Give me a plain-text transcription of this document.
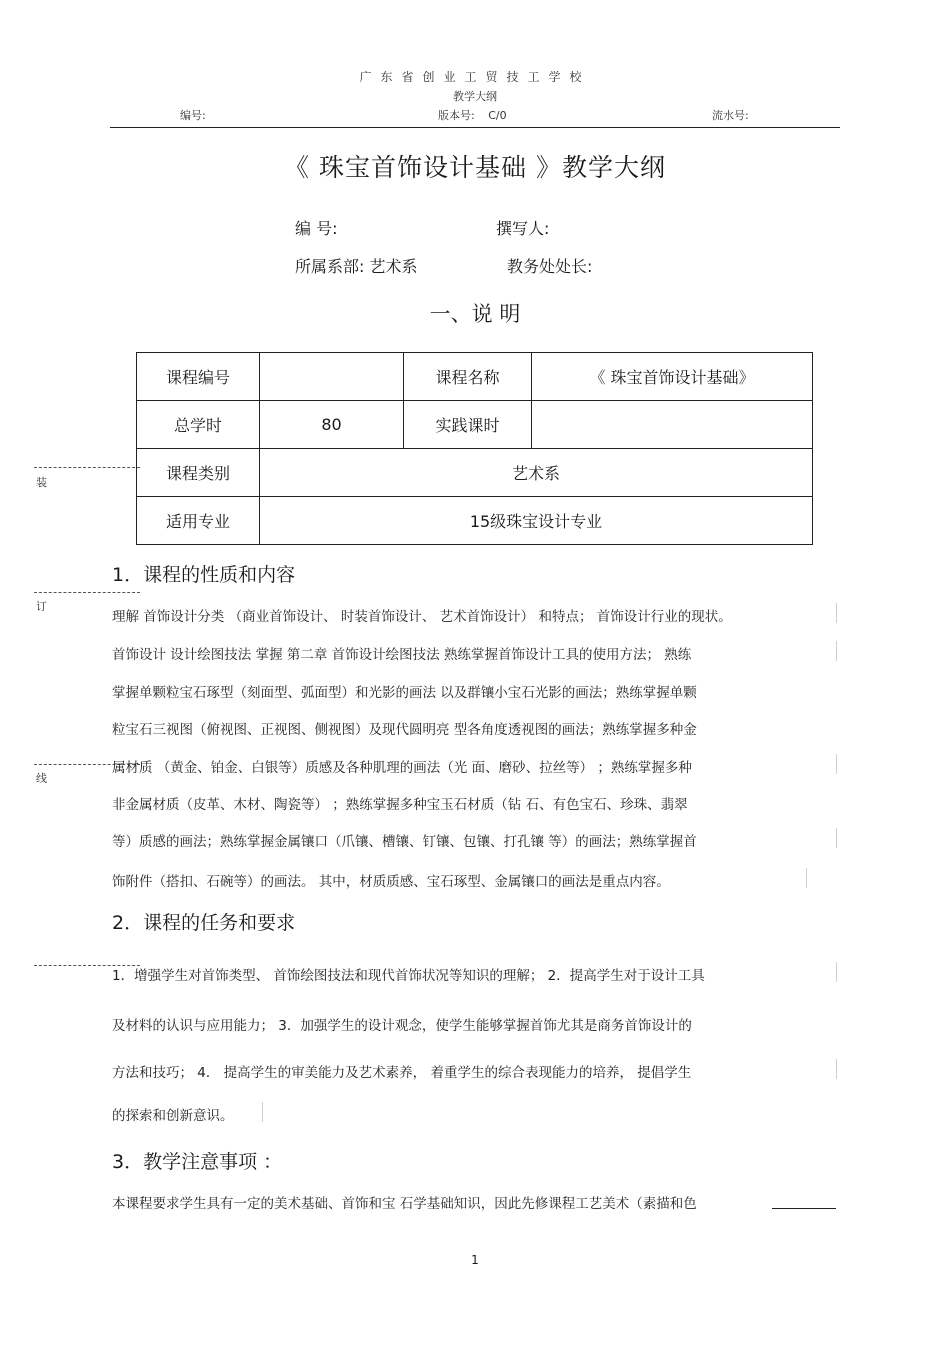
广东省创业工贸技工学校
教学大纲
编号:	版本号: C/0	流水号:
《 珠宝首饰设计基础 》教学大纲
编 号:	撰写人:
所属系部: 艺术系	教务处处长:
一、说 明
课程编号		课程名称	《 珠宝首饰设计基础》
总学时	80	实践课时	
课程类别	艺术系		
适用专业	15级珠宝设计专业		
装
订
线
1．课程的性质和内容
理解 首饰设计分类 （商业首饰设计、 时装首饰设计、 艺术首饰设计） 和特点； 首饰设计行业的现状。
首饰设计 设计绘图技法 掌握 第二章 首饰设计绘图技法 熟练掌握首饰设计工具的使用方法； 熟练
掌握单颗粒宝石琢型（刻面型、弧面型）和光影的画法 以及群镶小宝石光影的画法；熟练掌握单颗
粒宝石三视图（俯视图、正视图、侧视图）及现代圆明亮 型各角度透视图的画法；熟练掌握多种金
属材质 （黄金、铂金、白银等）质感及各种肌理的画法（光 面、磨砂、拉丝等） ；熟练掌握多种
非金属材质（皮革、木材、陶瓷等） ；熟练掌握多种宝玉石材质（钻 石、有色宝石、珍珠、翡翠
等）质感的画法；熟练掌握金属镶口（爪镶、槽镶、钉镶、包镶、打孔镶 等）的画法；熟练掌握首
饰附件（搭扣、石碗等）的画法。 其中，材质质感、宝石琢型、金属镶口的画法是重点内容。
2．课程的任务和要求
1．增强学生对首饰类型、 首饰绘图技法和现代首饰状况等知识的理解； 2．提高学生对于设计工具
及材料的认识与应用能力； 3．加强学生的设计观念，使学生能够掌握首饰尤其是商务首饰设计的
方法和技巧； 4． 提高学生的审美能力及艺术素养， 着重学生的综合表现能力的培养， 提倡学生
的探索和创新意识。
3．教学注意事项 ：
本课程要求学生具有一定的美术基础、首饰和宝 石学基础知识，因此先修课程工艺美术（素描和色
1
